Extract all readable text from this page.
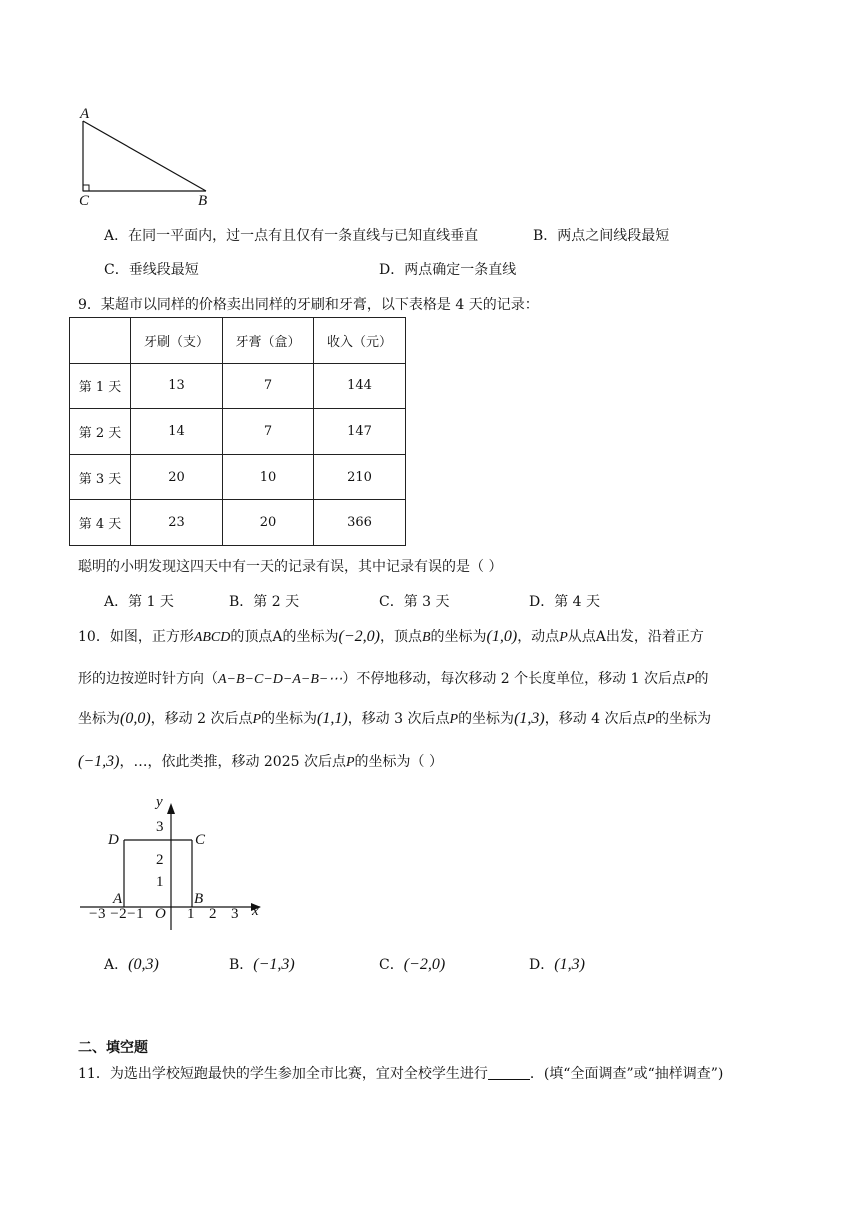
A
C	B
A．在同一平面内，过一点有且仅有一条直线与已知直线垂直	B．两点之间线段最短
C．垂线段最短	D．两点确定一条直线
9．某超市以同样的价格卖出同样的牙刷和牙膏，以下表格是 4 天的记录：
	牙刷（支）	牙膏（盒）	收入（元）
第 1 天	13	7	144
第 2 天	14	7	147
第 3 天	20	10	210
第 4 天	23	20	366
聪明的小明发现这四天中有一天的记录有误，其中记录有误的是（ ）
A．第 1 天	B．第 2 天	C．第 3 天	D．第 4 天
10．如图，正方形ABCD的顶点A的坐标为(−2,0)，顶点B的坐标为(1,0)，动点P从点A出发，沿着正方
形的边按逆时针方向（A−B−C−D−A−B−⋯）不停地移动，每次移动 2 个长度单位，移动 1 次后点P的
坐标为(0,0)，移动 2 次后点P的坐标为(1,1)，移动 3 次后点P的坐标为(1,3)，移动 4 次后点P的坐标为
(−1,3)，…，依此类推，移动 2025 次后点P的坐标为（ ）
y
x
O
D	C
A	B
1
2
3
−3 −2−1	1 2 3
A．(0,3)	B．(−1,3)	C．(−2,0)	D．(1,3)
二、填空题
11．为选出学校短跑最快的学生参加全市比赛，宜对全校学生进行	．(填“全面调查”或“抽样调查”)
